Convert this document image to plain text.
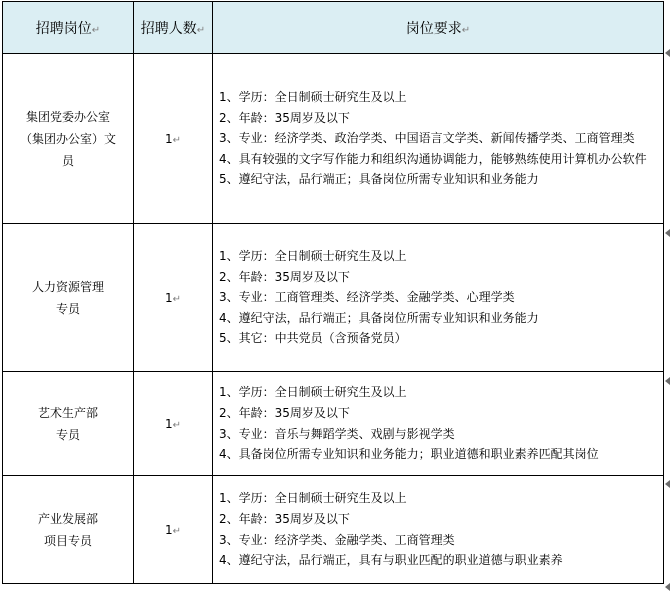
招聘岗位↵	招聘人数↵	岗位要求↵

集团党委办公室
（集团办公室）文
员	1↵	1、学历：全日制硕士研究生及以上
2、年龄：35周岁及以下
3、专业：经济学类、政治学类、中国语言文学类、新闻传播学类、工商管理类
4、具有较强的文字写作能力和组织沟通协调能力，能够熟练使用计算机办公软件
5、遵纪守法，品行端正；具备岗位所需专业知识和业务能力

人力资源管理
专员	1↵	1、学历：全日制硕士研究生及以上
2、年龄：35周岁及以下
3、专业：工商管理类、经济学类、金融学类、心理学类
4、遵纪守法，品行端正；具备岗位所需专业知识和业务能力
5、其它：中共党员（含预备党员）

艺术生产部
专员	1↵	1、学历：全日制硕士研究生及以上
2、年龄：35周岁及以下
3、专业：音乐与舞蹈学类、戏剧与影视学类
4、具备岗位所需专业知识和业务能力；职业道德和职业素养匹配其岗位

产业发展部
项目专员	1↵	1、学历：全日制硕士研究生及以上
2、年龄：35周岁及以下
3、专业：经济学类、金融学类、工商管理类
4、遵纪守法，品行端正，具有与职业匹配的职业道德与职业素养
